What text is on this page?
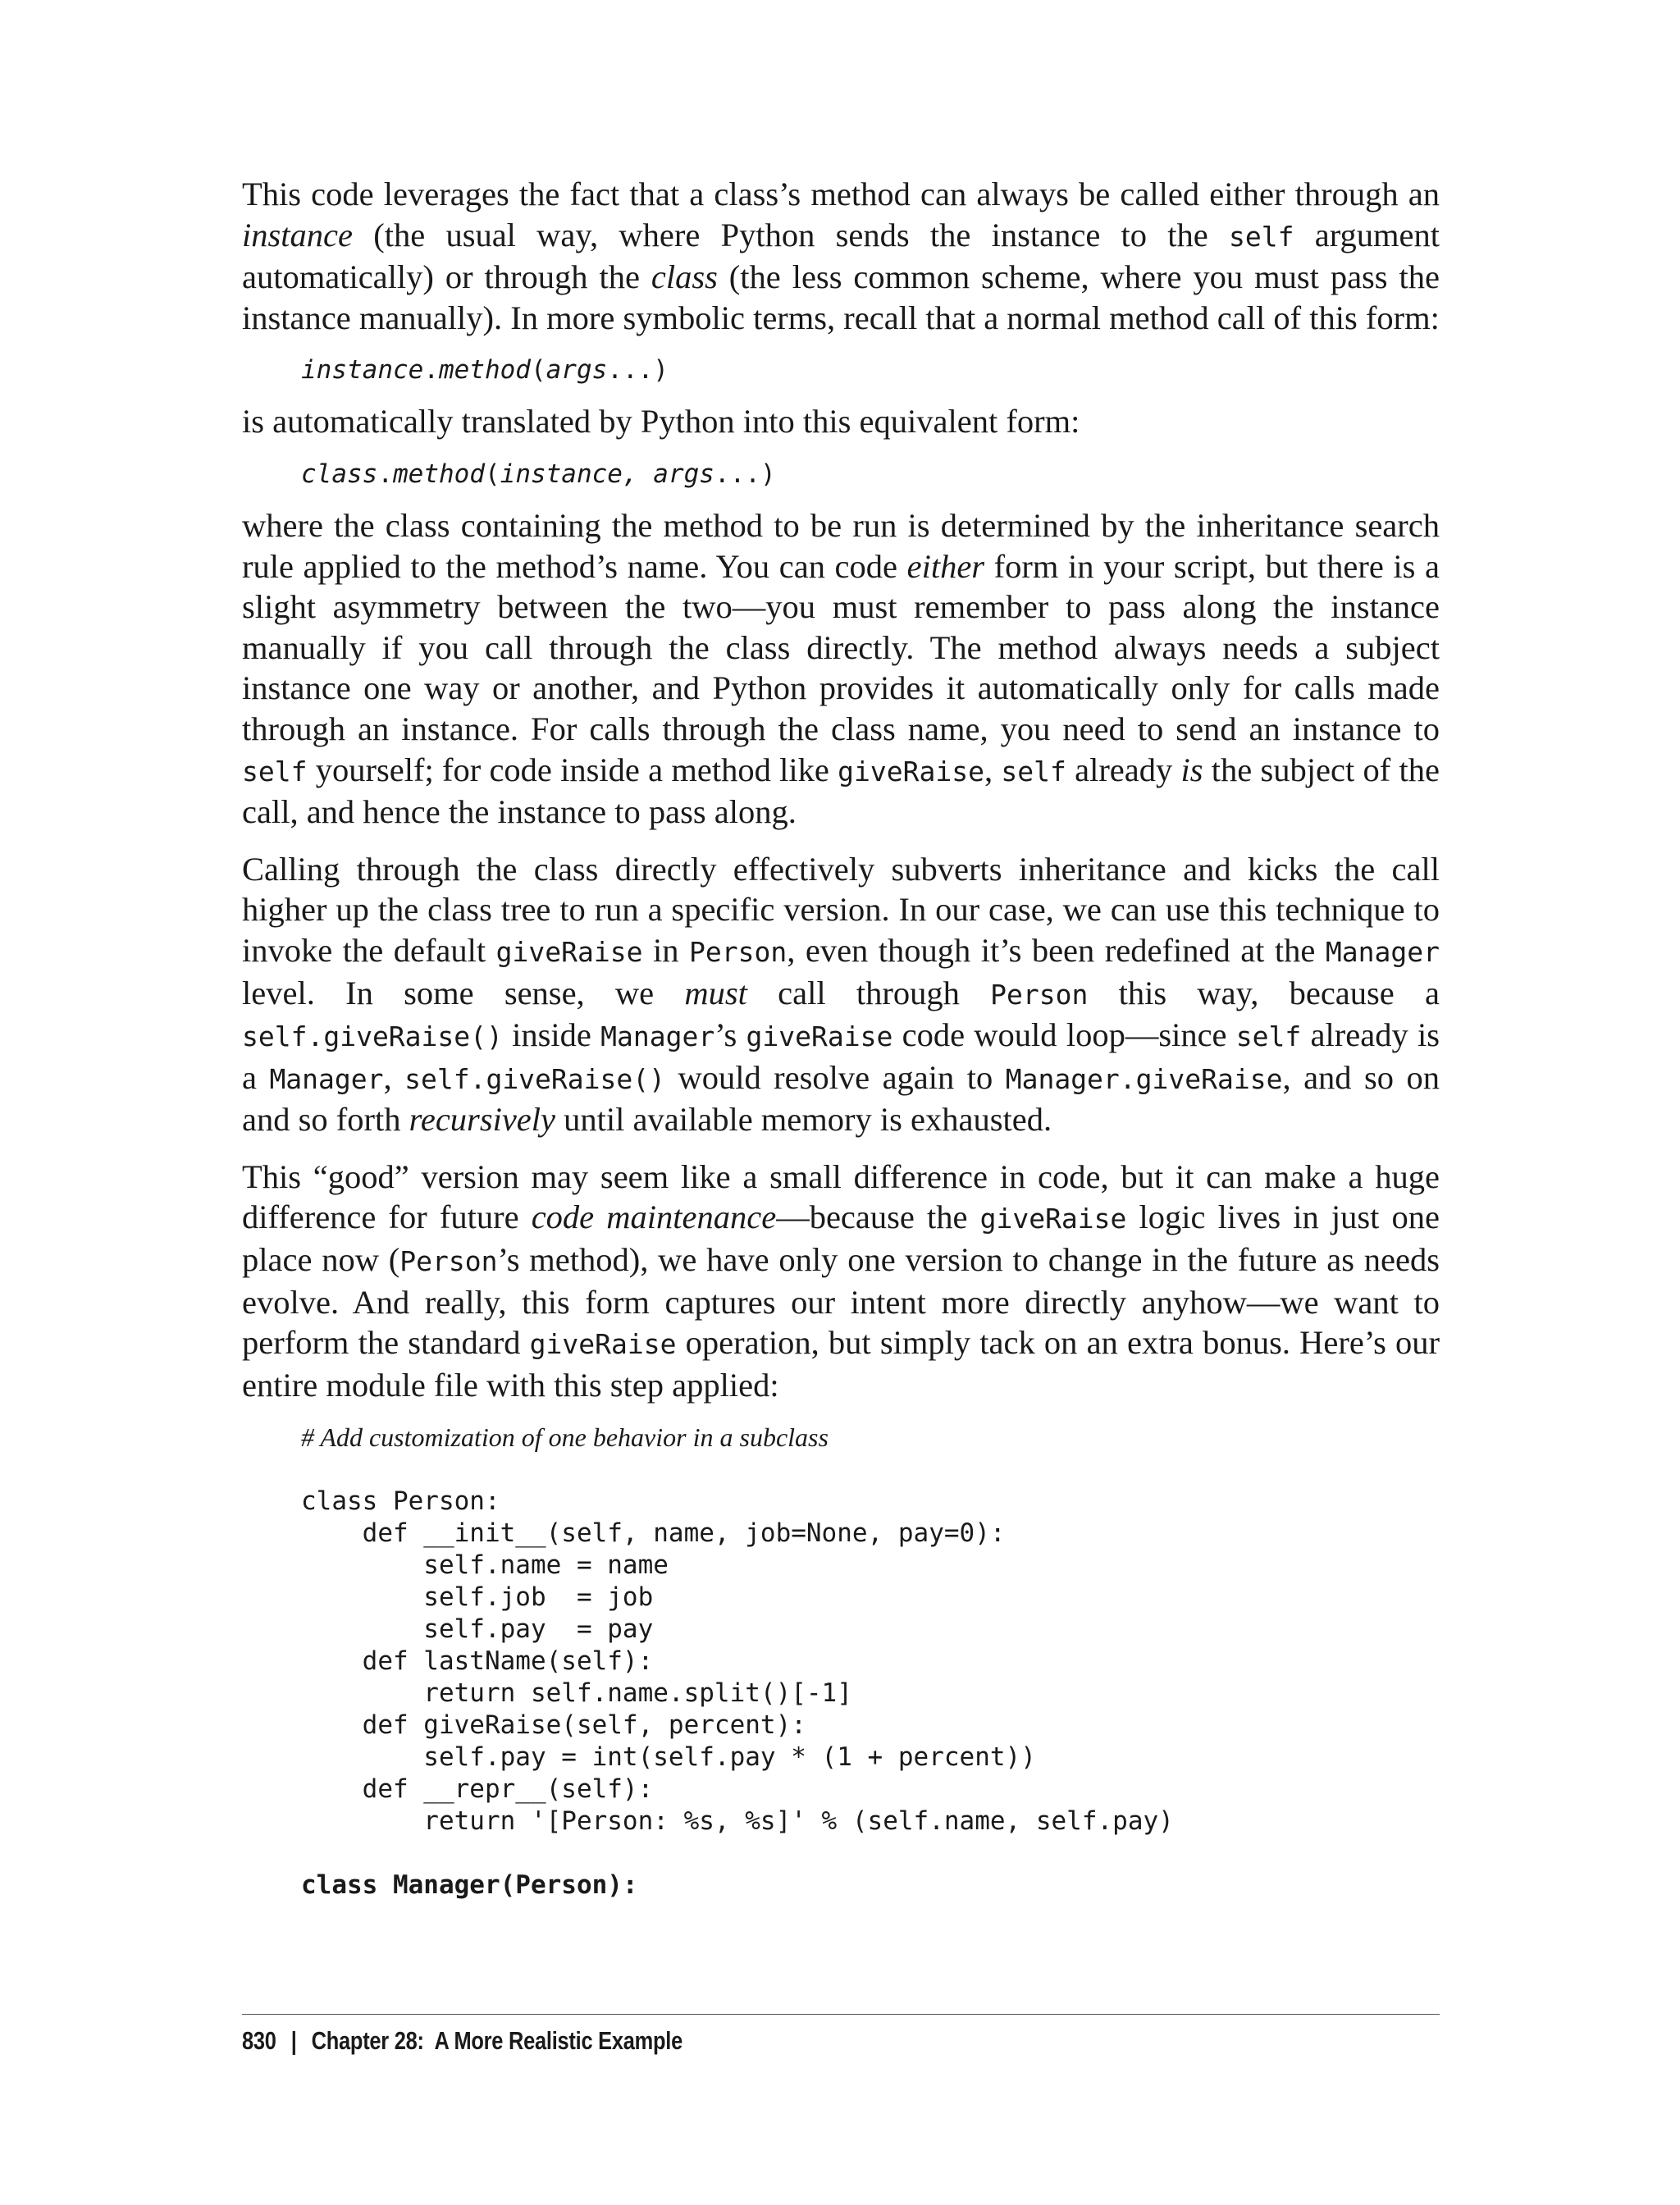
This code leverages the fact that a class’s method can always be called either through an instance (the usual way, where Python sends the instance to the self argument automatically) or through the class (the less common scheme, where you must pass the instance manually). In more symbolic terms, recall that a normal method call of this form:

instance.method(args...)

is automatically translated by Python into this equivalent form:

class.method(instance, args...)

where the class containing the method to be run is determined by the inheritance search rule applied to the method’s name. You can code either form in your script, but there is a slight asymmetry between the two—you must remember to pass along the instance manually if you call through the class directly. The method always needs a subject instance one way or another, and Python provides it automatically only for calls made through an instance. For calls through the class name, you need to send an instance to self yourself; for code inside a method like giveRaise, self already is the subject of the call, and hence the instance to pass along.

Calling through the class directly effectively subverts inheritance and kicks the call higher up the class tree to run a specific version. In our case, we can use this technique to invoke the default giveRaise in Person, even though it’s been redefined at the Manager level. In some sense, we must call through Person this way, because a self.giveRaise() inside Manager’s giveRaise code would loop—since self already is a Manager, self.giveRaise() would resolve again to Manager.giveRaise, and so on and so forth recursively until available memory is exhausted.

This “good” version may seem like a small difference in code, but it can make a huge difference for future code maintenance—because the giveRaise logic lives in just one place now (Person’s method), we have only one version to change in the future as needs evolve. And really, this form captures our intent more directly anyhow—we want to perform the standard giveRaise operation, but simply tack on an extra bonus. Here’s our entire module file with this step applied:

# Add customization of one behavior in a subclass

class Person:
def __init__(self, name, job=None, pay=0):
self.name = name
self.job  = job
self.pay  = pay
def lastName(self):
return self.name.split()[-1]
def giveRaise(self, percent):
self.pay = int(self.pay * (1 + percent))
def __repr__(self):
return '[Person: %s, %s]' % (self.name, self.pay)

class Manager(Person):
830 | Chapter 28:  A More Realistic Example
